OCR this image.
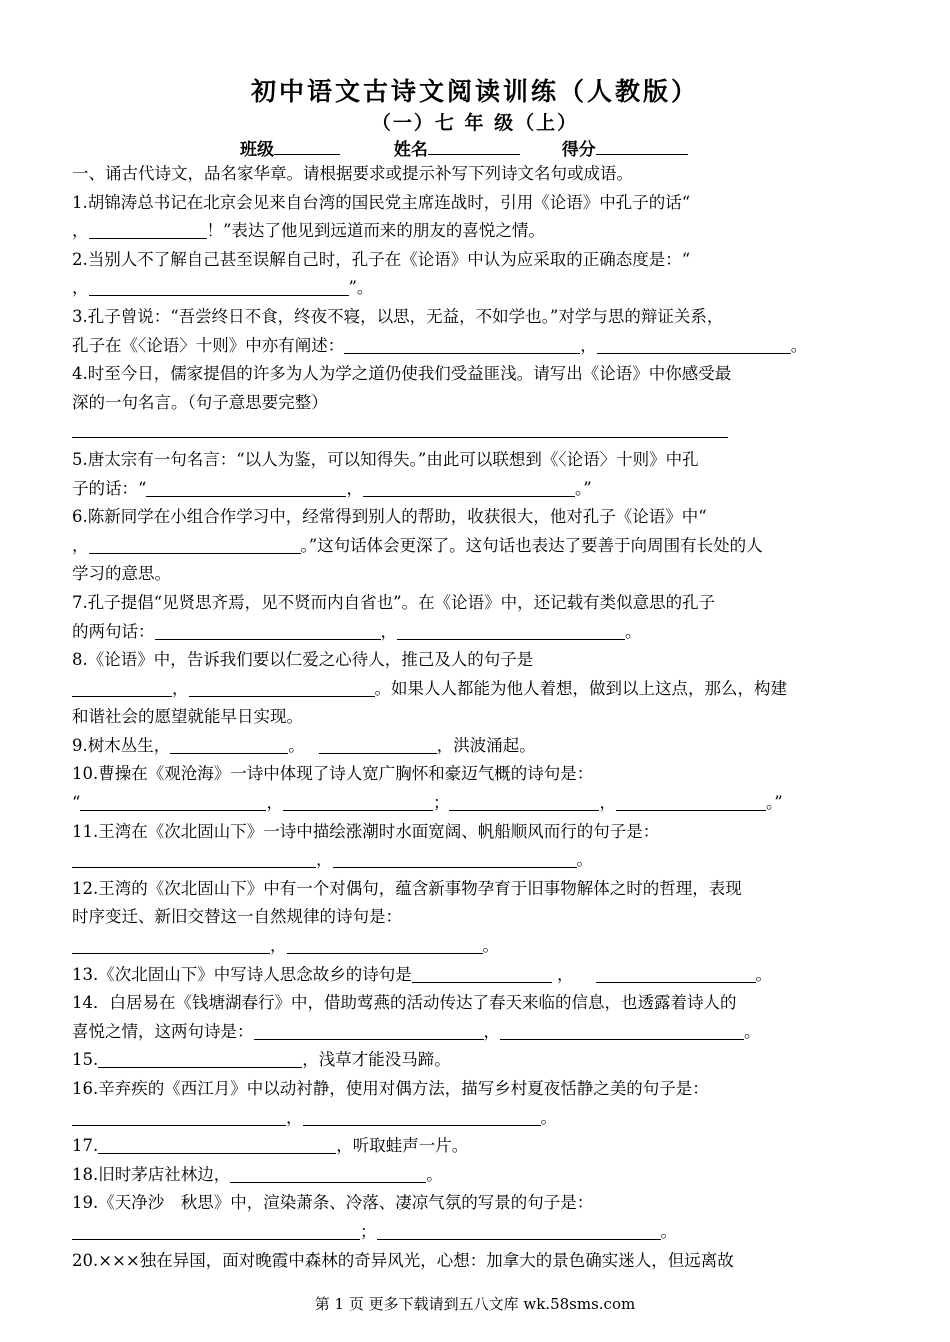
初中语文古诗文阅读训练（人教版）
（一）七 年 级（上）
班级	姓名	得分
一、诵古代诗文，品名家华章。请根据要求或提示补写下列诗文名句或成语。
1.胡锦涛总书记在北京会见来自台湾的国民党主席连战时，引用《论语》中孔子的话“
，	！”表达了他见到远道而来的朋友的喜悦之情。
2.当别人不了解自己甚至误解自己时，孔子在《论语》中认为应采取的正确态度是：“
，	”。
3.孔子曾说：“吾尝终日不食，终夜不寝，以思，无益，不如学也。”对学与思的辩证关系，
孔子在《〈论语〉十则》中亦有阐述：	，	。
4.时至今日，儒家提倡的许多为人为学之道仍使我们受益匪浅。请写出《论语》中你感受最
深的一句名言。（句子意思要完整）
5.唐太宗有一句名言：“以人为鉴，可以知得失。”由此可以联想到《〈论语〉十则》中孔
子的话：“	，	。”
6.陈新同学在小组合作学习中，经常得到别人的帮助，收获很大，他对孔子《论语》中“
，	。”这句话体会更深了。这句话也表达了要善于向周围有长处的人
学习的意思。
7.孔子提倡“见贤思齐焉，见不贤而内自省也”。在《论语》中，还记载有类似意思的孔子
的两句话：	，	。
8.《论语》中，告诉我们要以仁爱之心待人，推己及人的句子是
，	。如果人人都能为他人着想，做到以上这点，那么，构建
和谐社会的愿望就能早日实现。
9.树木丛生，	。	，洪波涌起。
10.曹操在《观沧海》一诗中体现了诗人宽广胸怀和豪迈气概的诗句是：
“	，	；	，	。”
11.王湾在《次北固山下》一诗中描绘涨潮时水面宽阔、帆船顺风而行的句子是：
，	。
12.王湾的《次北固山下》中有一个对偶句，蕴含新事物孕育于旧事物解体之时的哲理，表现
时序变迁、新旧交替这一自然规律的诗句是：
，	。
13.《次北固山下》中写诗人思念故乡的诗句是	，	。
14．白居易在《钱塘湖春行》中，借助莺燕的活动传达了春天来临的信息，也透露着诗人的
喜悦之情，这两句诗是：	，	。
15.	，浅草才能没马蹄。
16.辛弃疾的《西江月》中以动衬静，使用对偶方法，描写乡村夏夜恬静之美的句子是：
，	。
17.	，听取蛙声一片。
18.旧时茅店社林边，	。
19.《天净沙　秋思》中，渲染萧条、冷落、凄凉气氛的写景的句子是：
；	。
20.×××独在异国，面对晚霞中森林的奇异风光，心想：加拿大的景色确实迷人，但远离故
第 1 页 更多下载请到五八文库 wk.58sms.com
